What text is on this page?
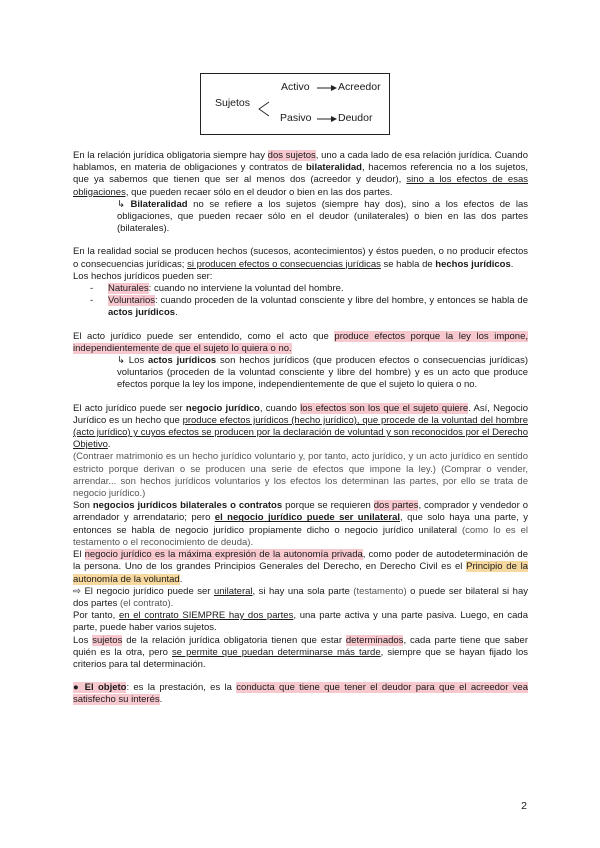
Sujetos
Activo	Acreedor
Pasivo	Deudor

En la relación jurídica obligatoria siempre hay dos sujetos, uno a cada lado de esa relación jurídica. Cuando hablamos, en materia de obligaciones y contratos de bilateralidad, hacemos referencia no a los sujetos, que ya sabemos que tienen que ser al menos dos (acreedor y deudor), sino a los efectos de esas obligaciones, que pueden recaer sólo en el deudor o bien en las dos partes.

↳ Bilateralidad no se refiere a los sujetos (siempre hay dos), sino a los efectos de las obligaciones, que pueden recaer sólo en el deudor (unilaterales) o bien en las dos partes (bilaterales).

En la realidad social se producen hechos (sucesos, acontecimientos) y éstos pueden, o no producir efectos o consecuencias jurídicas; si producen efectos o consecuencias jurídicas se habla de hechos jurídicos.

Los hechos jurídicos pueden ser:

- Naturales: cuando no interviene la voluntad del hombre.
- Voluntarios: cuando proceden de la voluntad consciente y libre del hombre, y entonces se habla de actos jurídicos.

El acto jurídico puede ser entendido, como el acto que produce efectos porque la ley los impone, independientemente de que el sujeto lo quiera o no.

↳ Los actos jurídicos son hechos jurídicos (que producen efectos o consecuencias jurídicas) voluntarios (proceden de la voluntad consciente y libre del hombre) y es un acto que produce efectos porque la ley los impone, independientemente de que el sujeto lo quiera o no.

El acto jurídico puede ser negocio jurídico, cuando los efectos son los que el sujeto quiere. Así, Negocio Jurídico es un hecho que produce efectos jurídicos (hecho jurídico), que procede de la voluntad del hombre (acto jurídico) y cuyos efectos se producen por la declaración de voluntad y son reconocidos por el Derecho Objetivo.

(Contraer matrimonio es un hecho jurídico voluntario y, por tanto, acto jurídico, y un acto jurídico en sentido estricto porque derivan o se producen una serie de efectos que impone la ley.) (Comprar o vender, arrendar... son hechos jurídicos voluntarios y los efectos los determinan las partes, por ello se trata de negocio jurídico.)

Son negocios jurídicos bilaterales o contratos porque se requieren dos partes, comprador y vendedor o arrendador y arrendatario; pero el negocio jurídico puede ser unilateral, que solo haya una parte, y entonces se habla de negocio jurídico propiamente dicho o negocio jurídico unilateral (como lo es el testamento o el reconocimiento de deuda).

El negocio jurídico es la máxima expresión de la autonomía privada, como poder de autodeterminación de la persona. Uno de los grandes Principios Generales del Derecho, en Derecho Civil es el Principio de la autonomía de la voluntad.

⇨ El negocio jurídico puede ser unilateral, si hay una sola parte (testamento) o puede ser bilateral si hay dos partes (el contrato).

Por tanto, en el contrato SIEMPRE hay dos partes, una parte activa y una parte pasiva. Luego, en cada parte, puede haber varios sujetos.

Los sujetos de la relación jurídica obligatoria tienen que estar determinados, cada parte tiene que saber quién es la otra, pero se permite que puedan determinarse más tarde, siempre que se hayan fijado los criterios para tal determinación.

● El objeto: es la prestación, es la conducta que tiene que tener el deudor para que el acreedor vea satisfecho su interés.

2
